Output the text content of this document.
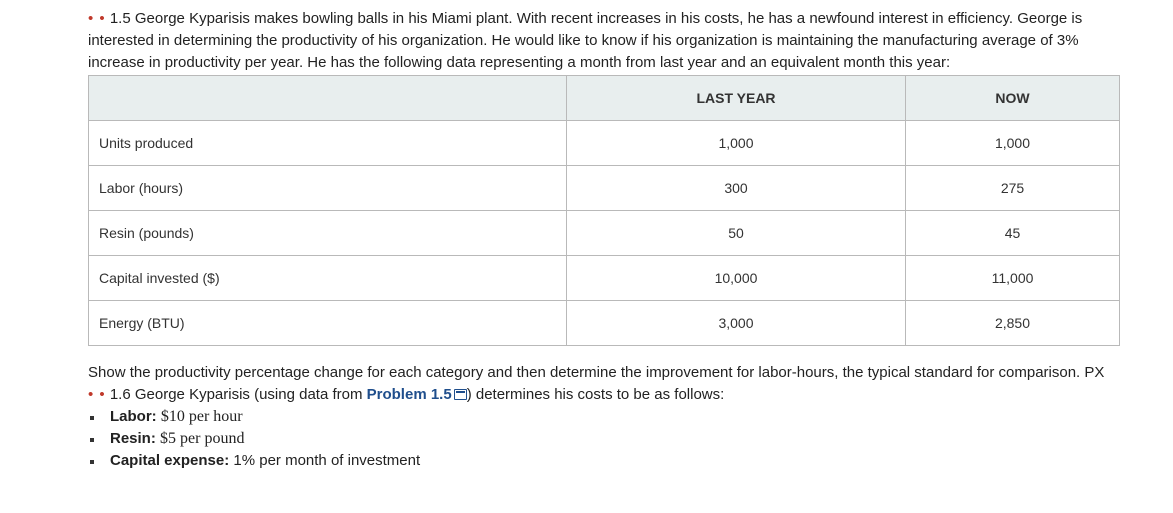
• • 1.5 George Kyparisis makes bowling balls in his Miami plant. With recent increases in his costs, he has a newfound interest in efficiency. George is interested in determining the productivity of his organization. He would like to know if his organization is maintaining the manufacturing average of 3% increase in productivity per year. He has the following data representing a month from last year and an equivalent month this year:

	LAST YEAR	NOW
Units produced	1,000	1,000
Labor (hours)	300	275
Resin (pounds)	50	45
Capital invested ($)	10,000	11,000
Energy (BTU)	3,000	2,850

Show the productivity percentage change for each category and then determine the improvement for labor-hours, the typical standard for comparison. PX

• • 1.6 George Kyparisis (using data from Problem 1.5 ) determines his costs to be as follows:

Labor: $10 per hour
Resin: $5 per pound
Capital expense: 1% per month of investment
